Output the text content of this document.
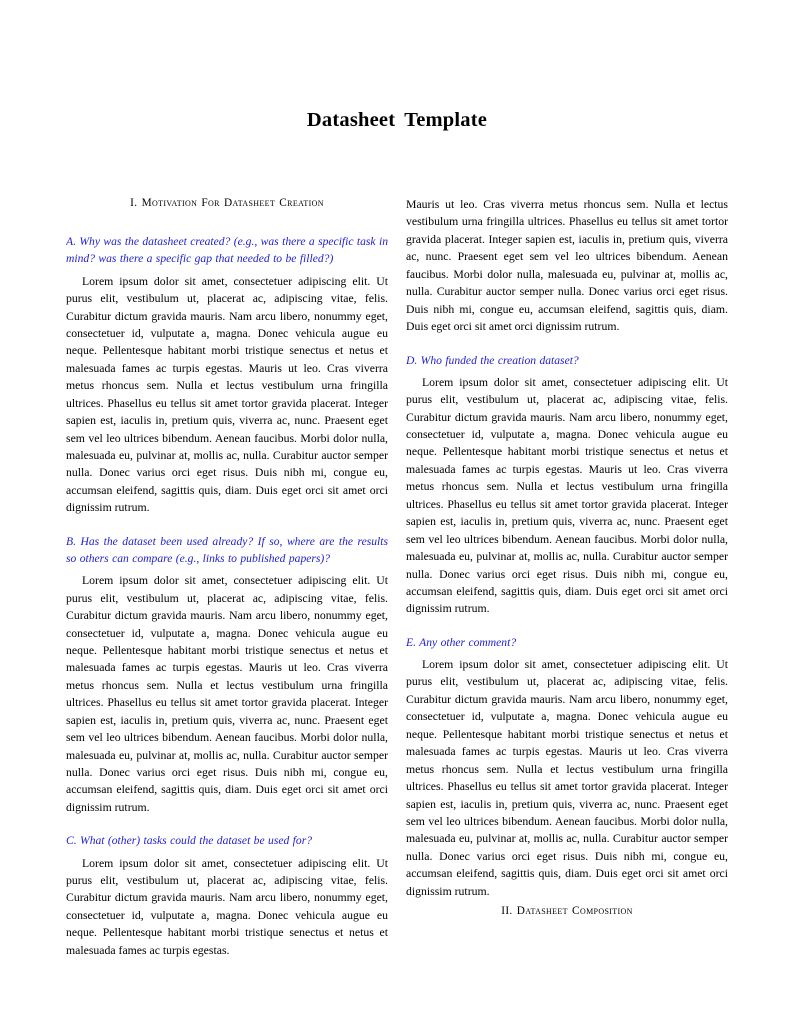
Datasheet Template
I. Motivation For Datasheet Creation
A. Why was the datasheet created? (e.g., was there a specific task in mind? was there a specific gap that needed to be filled?)

Lorem ipsum dolor sit amet, consectetuer adipiscing elit. Ut purus elit, vestibulum ut, placerat ac, adipiscing vitae, felis. Curabitur dictum gravida mauris. Nam arcu libero, nonummy eget, consectetuer id, vulputate a, magna. Donec vehicula augue eu neque. Pellentesque habitant morbi tristique senectus et netus et malesuada fames ac turpis egestas. Mauris ut leo. Cras viverra metus rhoncus sem. Nulla et lectus vestibulum urna fringilla ultrices. Phasellus eu tellus sit amet tortor gravida placerat. Integer sapien est, iaculis in, pretium quis, viverra ac, nunc. Praesent eget sem vel leo ultrices bibendum. Aenean faucibus. Morbi dolor nulla, malesuada eu, pulvinar at, mollis ac, nulla. Curabitur auctor semper nulla. Donec varius orci eget risus. Duis nibh mi, congue eu, accumsan eleifend, sagittis quis, diam. Duis eget orci sit amet orci dignissim rutrum.

B. Has the dataset been used already? If so, where are the results so others can compare (e.g., links to published papers)?

Lorem ipsum dolor sit amet, consectetuer adipiscing elit. Ut purus elit, vestibulum ut, placerat ac, adipiscing vitae, felis. Curabitur dictum gravida mauris. Nam arcu libero, nonummy eget, consectetuer id, vulputate a, magna. Donec vehicula augue eu neque. Pellentesque habitant morbi tristique senectus et netus et malesuada fames ac turpis egestas. Mauris ut leo. Cras viverra metus rhoncus sem. Nulla et lectus vestibulum urna fringilla ultrices. Phasellus eu tellus sit amet tortor gravida placerat. Integer sapien est, iaculis in, pretium quis, viverra ac, nunc. Praesent eget sem vel leo ultrices bibendum. Aenean faucibus. Morbi dolor nulla, malesuada eu, pulvinar at, mollis ac, nulla. Curabitur auctor semper nulla. Donec varius orci eget risus. Duis nibh mi, congue eu, accumsan eleifend, sagittis quis, diam. Duis eget orci sit amet orci dignissim rutrum.

C. What (other) tasks could the dataset be used for?

Lorem ipsum dolor sit amet, consectetuer adipiscing elit. Ut purus elit, vestibulum ut, placerat ac, adipiscing vitae, felis. Curabitur dictum gravida mauris. Nam arcu libero, nonummy eget, consectetuer id, vulputate a, magna. Donec vehicula augue eu neque. Pellentesque habitant morbi tristique senectus et netus et malesuada fames ac turpis egestas.

Mauris ut leo. Cras viverra metus rhoncus sem. Nulla et lectus vestibulum urna fringilla ultrices. Phasellus eu tellus sit amet tortor gravida placerat. Integer sapien est, iaculis in, pretium quis, viverra ac, nunc. Praesent eget sem vel leo ultrices bibendum. Aenean faucibus. Morbi dolor nulla, malesuada eu, pulvinar at, mollis ac, nulla. Curabitur auctor semper nulla. Donec varius orci eget risus. Duis nibh mi, congue eu, accumsan eleifend, sagittis quis, diam. Duis eget orci sit amet orci dignissim rutrum.

D. Who funded the creation dataset?

Lorem ipsum dolor sit amet, consectetuer adipiscing elit. Ut purus elit, vestibulum ut, placerat ac, adipiscing vitae, felis. Curabitur dictum gravida mauris. Nam arcu libero, nonummy eget, consectetuer id, vulputate a, magna. Donec vehicula augue eu neque. Pellentesque habitant morbi tristique senectus et netus et malesuada fames ac turpis egestas. Mauris ut leo. Cras viverra metus rhoncus sem. Nulla et lectus vestibulum urna fringilla ultrices. Phasellus eu tellus sit amet tortor gravida placerat. Integer sapien est, iaculis in, pretium quis, viverra ac, nunc. Praesent eget sem vel leo ultrices bibendum. Aenean faucibus. Morbi dolor nulla, malesuada eu, pulvinar at, mollis ac, nulla. Curabitur auctor semper nulla. Donec varius orci eget risus. Duis nibh mi, congue eu, accumsan eleifend, sagittis quis, diam. Duis eget orci sit amet orci dignissim rutrum.

E. Any other comment?

Lorem ipsum dolor sit amet, consectetuer adipiscing elit. Ut purus elit, vestibulum ut, placerat ac, adipiscing vitae, felis. Curabitur dictum gravida mauris. Nam arcu libero, nonummy eget, consectetuer id, vulputate a, magna. Donec vehicula augue eu neque. Pellentesque habitant morbi tristique senectus et netus et malesuada fames ac turpis egestas. Mauris ut leo. Cras viverra metus rhoncus sem. Nulla et lectus vestibulum urna fringilla ultrices. Phasellus eu tellus sit amet tortor gravida placerat. Integer sapien est, iaculis in, pretium quis, viverra ac, nunc. Praesent eget sem vel leo ultrices bibendum. Aenean faucibus. Morbi dolor nulla, malesuada eu, pulvinar at, mollis ac, nulla. Curabitur auctor semper nulla. Donec varius orci eget risus. Duis nibh mi, congue eu, accumsan eleifend, sagittis quis, diam. Duis eget orci sit amet orci dignissim rutrum.

II. Datasheet Composition
